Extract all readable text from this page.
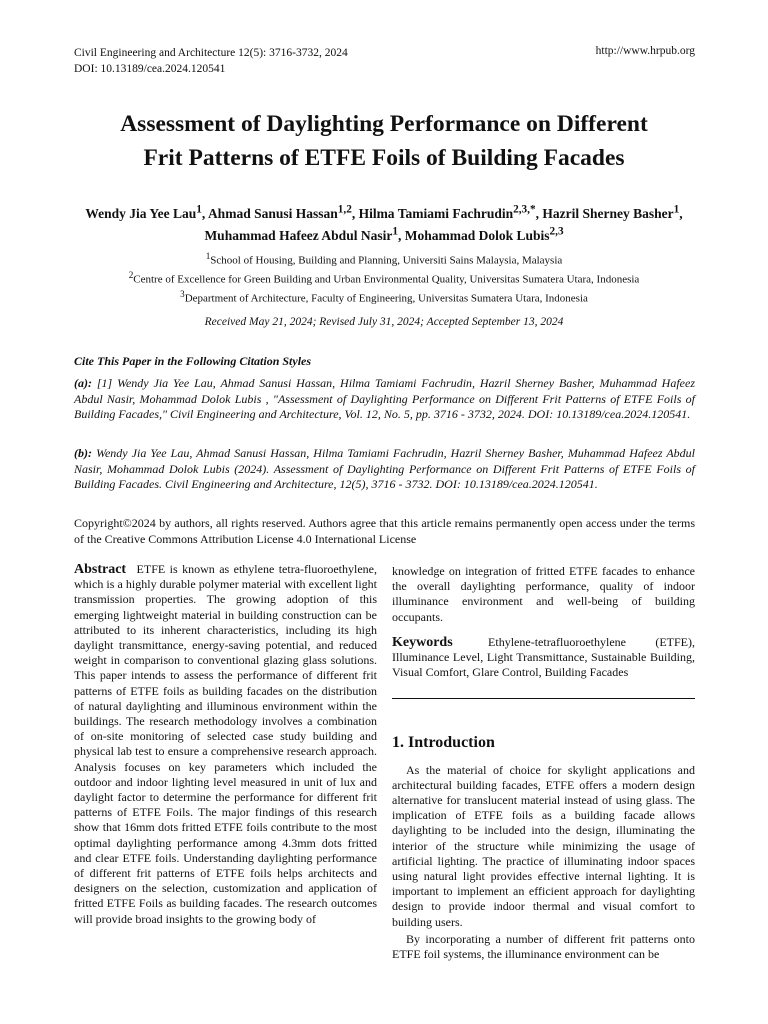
Civil Engineering and Architecture 12(5): 3716-3732, 2024
DOI: 10.13189/cea.2024.120541
http://www.hrpub.org
Assessment of Daylighting Performance on Different
Frit Patterns of ETFE Foils of Building Facades
Wendy Jia Yee Lau$^1$, Ahmad Sanusi Hassan$^{1,2}$, Hilma Tamiami Fachrudin$^{2,3,*}$, Hazril Sherney Basher$^1$,
Muhammad Hafeez Abdul Nasir$^1$, Mohammad Dolok Lubis$^{2,3}$
$^1$School of Housing, Building and Planning, Universiti Sains Malaysia, Malaysia
$^2$Centre of Excellence for Green Building and Urban Environmental Quality, Universitas Sumatera Utara, Indonesia
$^3$Department of Architecture, Faculty of Engineering, Universitas Sumatera Utara, Indonesia
Received May 21, 2024; Revised July 31, 2024; Accepted September 13, 2024
Cite This Paper in the Following Citation Styles
(a): [1] Wendy Jia Yee Lau, Ahmad Sanusi Hassan, Hilma Tamiami Fachrudin, Hazril Sherney Basher, Muhammad Hafeez Abdul Nasir, Mohammad Dolok Lubis , "Assessment of Daylighting Performance on Different Frit Patterns of ETFE Foils of Building Facades," Civil Engineering and Architecture, Vol. 12, No. 5, pp. 3716 - 3732, 2024. DOI: 10.13189/cea.2024.120541.
(b): Wendy Jia Yee Lau, Ahmad Sanusi Hassan, Hilma Tamiami Fachrudin, Hazril Sherney Basher, Muhammad Hafeez Abdul Nasir, Mohammad Dolok Lubis (2024). Assessment of Daylighting Performance on Different Frit Patterns of ETFE Foils of Building Facades. Civil Engineering and Architecture, 12(5), 3716 - 3732. DOI: 10.13189/cea.2024.120541.
Copyright©2024 by authors, all rights reserved. Authors agree that this article remains permanently open access under the terms of the Creative Commons Attribution License 4.0 International License
Abstract ETFE is known as ethylene tetra-fluoroethylene, which is a highly durable polymer material with excellent light transmission properties. The growing adoption of this emerging lightweight material in building construction can be attributed to its inherent characteristics, including its high daylight transmittance, energy-saving potential, and reduced weight in comparison to conventional glazing glass solutions. This paper intends to assess the performance of different frit patterns of ETFE foils as building facades on the distribution of natural daylighting and illuminous environment within the buildings. The research methodology involves a combination of on-site monitoring of selected case study building and physical lab test to ensure a comprehensive research approach. Analysis focuses on key parameters which included the outdoor and indoor lighting level measured in unit of lux and daylight factor to determine the performance for different frit patterns of ETFE Foils. The major findings of this research show that 16mm dots fritted ETFE foils contribute to the most optimal daylighting performance among 4.3mm dots fritted and clear ETFE foils. Understanding daylighting performance of different frit patterns of ETFE foils helps architects and designers on the selection, customization and application of fritted ETFE Foils as building facades. The research outcomes will provide broad insights to the growing body of
knowledge on integration of fritted ETFE facades to enhance the overall daylighting performance, quality of indoor illuminance environment and well-being of building occupants.
Keywords	Ethylene-tetrafluoroethylene (ETFE), Illuminance Level, Light Transmittance, Sustainable Building, Visual Comfort, Glare Control, Building Facades
1. Introduction

As the material of choice for skylight applications and architectural building facades, ETFE offers a modern design alternative for translucent material instead of using glass. The implication of ETFE foils as a building facade allows daylighting to be included into the design, illuminating the interior of the structure while minimizing the usage of artificial lighting. The practice of illuminating indoor spaces using natural light provides effective internal lighting. It is important to implement an efficient approach for daylighting design to provide indoor thermal and visual comfort to building users.

By incorporating a number of different frit patterns onto ETFE foil systems, the illuminance environment can be
